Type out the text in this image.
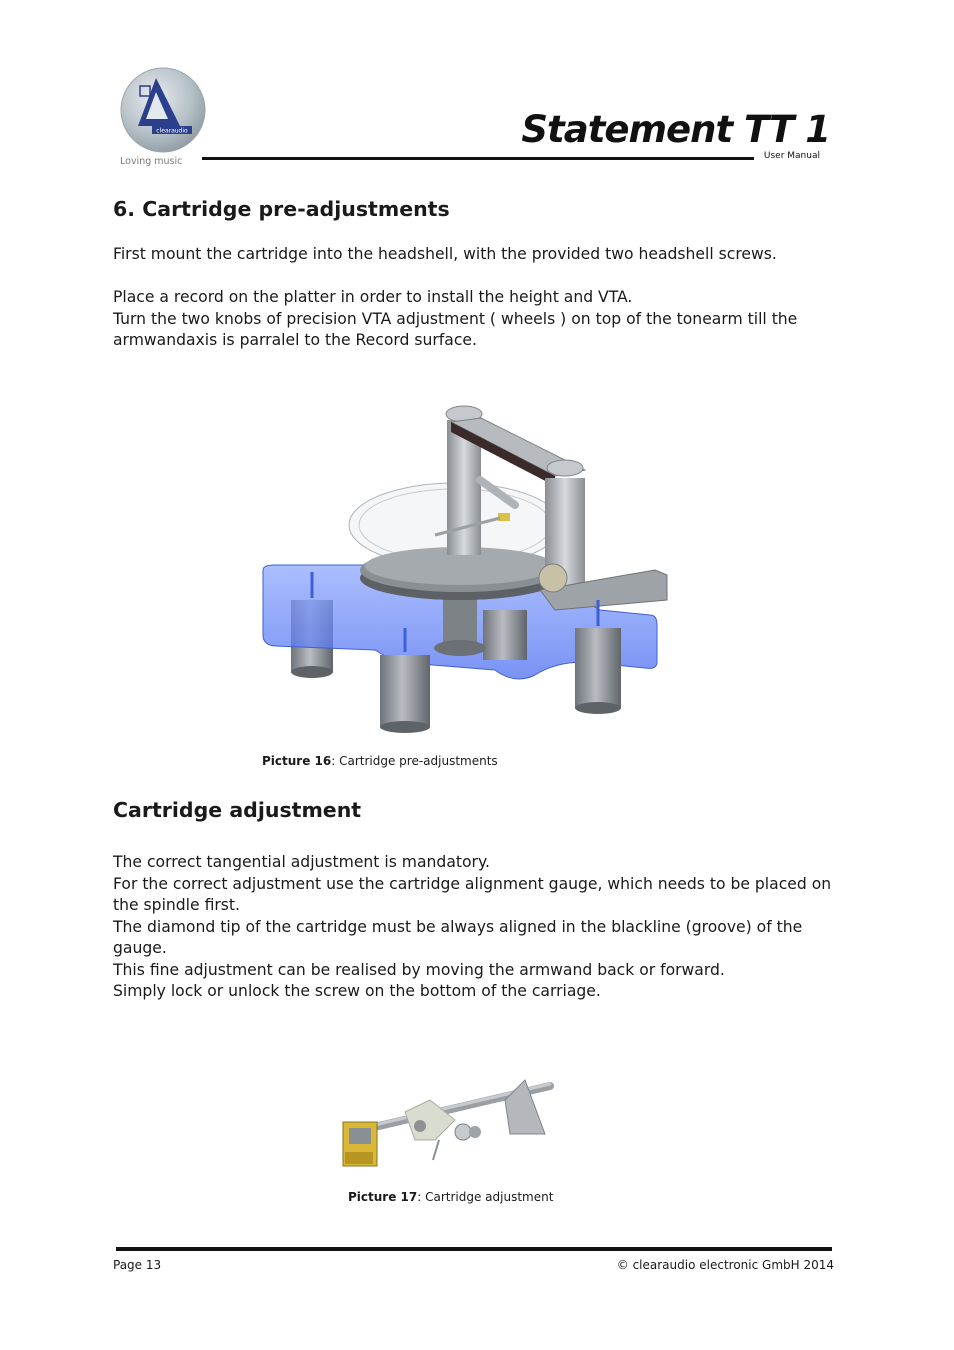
clearaudio
Loving music
Statement TT 1
User Manual
6. Cartridge pre-adjustments

First mount the cartridge into the headshell, with the provided two headshell screws.

Place a record on the platter in order to install the height and VTA.

Turn the two knobs of precision VTA adjustment ( wheels ) on top of the tonearm till the armwandaxis is parralel to the Record surface.

Picture 16: Cartridge pre-adjustments
Cartridge adjustment

The correct tangential adjustment is mandatory.

For the correct adjustment use the cartridge alignment gauge, which needs to be placed on the spindle first.

The diamond tip of the cartridge must be always aligned in the blackline (groove) of the gauge.

This fine adjustment can be realised by moving the armwand back or forward.

Simply lock or unlock the screw on the bottom of the carriage.

Picture 17: Cartridge adjustment
Page 13	© clearaudio electronic GmbH 2014
